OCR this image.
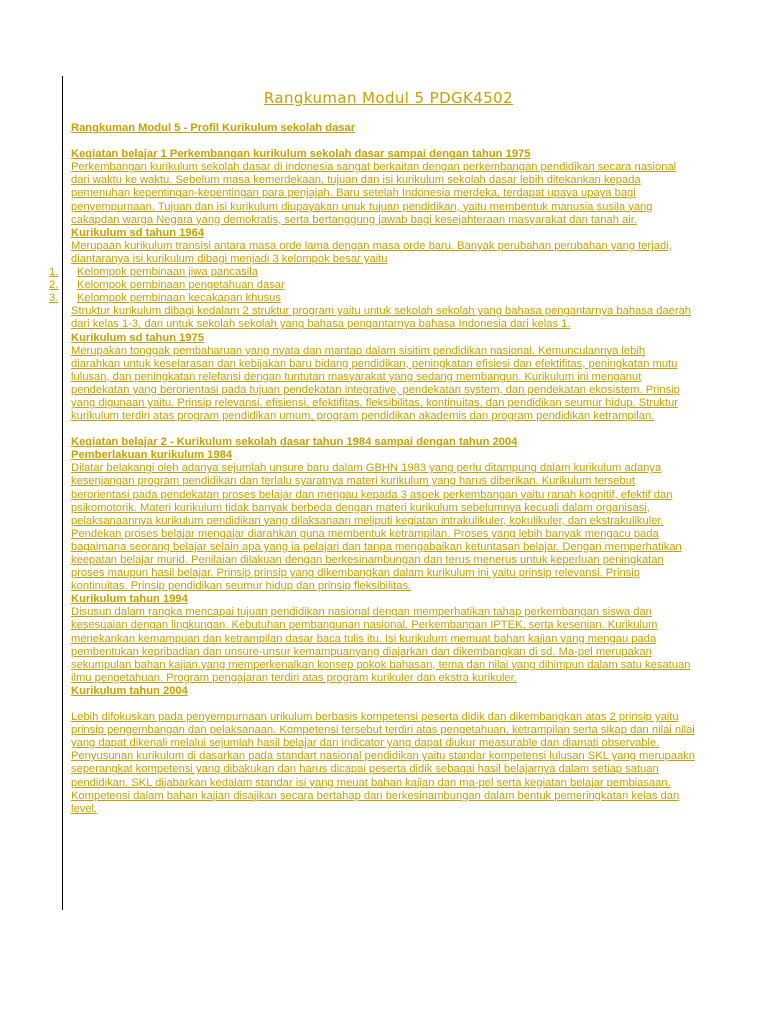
Rangkuman Modul 5 PDGK4502
Rangkuman Modul 5 - Profil Kurikulum sekolah dasar
Kegiatan belajar 1 Perkembangan kurikulum sekolah dasar sampai dengan tahun 1975
Perkembangan kurikulum sekolah dasar di indonesia sangat berkaitan dengan perkembangan pendidikan secara nasional dari waktu ke waktu. Sebelum masa kemerdekaan, tujuan dan isi kurikulum sekolah dasar lebih ditekankan kepada pemenuhan kepentingan-kepentingan para penjajah. Baru setelah Indonesia merdeka, terdapat upaya upaya bagi penyempurnaan. Tujuan dan isi kurikulum diupayakan unuk tujuan pendidikan, yaitu membentuk manusia susila yang cakapdan warga Negara yang demokratis, serta bertanggung jawab bagi kesejahteraan masyarakat dan tanah air.
Kurikulum sd tahun 1964
Merupaan kurikulum transisi antara masa orde lama dengan masa orde baru. Banyak perubahan perubahan yang terjadi, diantaranya isi kurikulum dibagi menjadi 3 kelompok besar yaitu
1.	Kelompok pembinaan jiwa pancasila
2.	Kelompok pembinaan pengetahuan dasar
3.	Kelompok pembinaan kecakapan khusus
Struktur kurikulum dibagi kedalam 2 struktur program yaitu untuk sekolah sekolah yang bahasa pengantarnya bahasa daerah dari kelas 1-3, dan untuk sekolah sekolah yang bahasa pengantarnya bahasa Indonesia dari kelas 1.
Kurikulum sd tahun 1975
Merupakan tonggak pembaharuan yang nyata dan mantap dalam sisitim pendidikan nasional. Kemunculannya lebih diarahkan untuk keselarasan dan kebijakan baru bidang pendidikan, peningkatan efisiesi dan efektifitas, peningkatan mutu lulusan, dan peningkatan relefansi dengan tuntutan masyarakat yang sedang membangun. Kurikulum ini menganut pendekatan yang berorientasi pada tujuan pendekatan integrative, pendekatan system, dan pendekatan ekosistem. Prinsip yang digunaan yaitu. Prinsip relevansi, efisiensi, efektifitas, fleksibilitas, kontinuitas, dan pendidikan seumur hidup. Struktur kurikulum terdiri atas program pendidikan umum, program pendidikan akademis dan program pendidikan ketrampilan.
Kegiatan belajar 2 - Kurikulum sekolah dasar tahun 1984 sampai dengan tahun 2004
Pemberlakuan kurikulum 1984
Dilatar belakangi oleh adanya sejumlah unsure baru dalam GBHN 1983 yang perlu ditampung dalam kurikulum adanya kesenjangan program pendidikan dan terlalu syaratnya materi kurikulum yang harus diberikan. Kurikulum tersebut berorientasi pada pendekatan proses belajar dan mengau kepada 3 aspek perkembangan yaitu ranah kognitif, efektif dan psikomotorik. Materi kurikulum tidak banyak berbeda dengan materi kurikulum sebelumnya kecuali dalam organisasi, pelaksanaannya kurikulum pendidikan yang dilaksanaan meliputi kegiatan intrakulikuler, kokulikuler, dan ekstrakulikuler. Pendekan proses belajar mengajar diarahkan guna membentuk ketrampilan. Proses yang lebih banyak mengacu pada bagaimana seorang belajar selain apa yang ia pelajari dan tanpa mengabaikan ketuntasan belajar. Dengan memperhatikan keepatan belajar murid. Penilaian dilakuan dengan berkesinambungan dan terus menerus untuk keperluan peningkatan proses maupun hasil belajar. Prinsip prinsip yang dikembangkan dalam kurikulum ini yaitu prinsip relevansi. Prinsip kontinuitas. Prinsip pendidikan seumur hidup dan prinsip fleksibilitas.
Kurikulum tahun 1994
Disusun dalam rangka mencapai tujuan pendidikan nasional dengan memperhatikan tahap perkembangan siswa dan kesesuaian dengan lingkungan. Kebutuhan pembangunan nasional. Perkembangan IPTEK, serta kesenian. Kurikulum menekankan kemampuan dan ketrampilan dasar baca tulis itu. Isi kurikulum memuat bahan kajian yang mengau pada pembentukan kepribadian dan unsure-unsur kemampuanyang diajarkan dan dikembangkan di sd. Ma-pel merupakan sekumpulan bahan kajian.yang memperkenalkan konsep pokok bahasan, tema dan nilai yang dihimpun dalam satu kesatuan ilmu pengetahuan. Program pengajaran terdiri atas program kurikuler dan ekstra kurikuler.
Kurikulum tahun 2004
Lebih difokuskan pada penyempurnaan urikulum berbasis kompetensi peserta didik dan dikembangkan atas 2 prinsip yaitu prinsip pengembangan dan pelaksanaan. Kompetensi tersebut terdiri atas pengetahuan, ketrampilan serta sikap dan nilai nilai yang dapat dikenali melalui sejumlah hasil belajar dan indicator yang dapat diukur measurable dan diamati observable. Penyusunan kurikulum di dasarkan pada standart nasional pendidikan yaitu standar kompetensi lulusan SKL yang merupaakn seperangkat kompetensi yang dibakukan dan harus dicapai peserta didik sebagai hasil belajarnya dalam setiap satuan pendidikan. SKL dijabarkan kedalam standar isi yang meuat bahan kajian dan ma-pel serta kegiatan belajar pembiasaan. Kompetensi dalam bahan kajian disajikan secara bertahap dan berkesinambungan dalam bentuk pemeringkatan kelas dan level.
